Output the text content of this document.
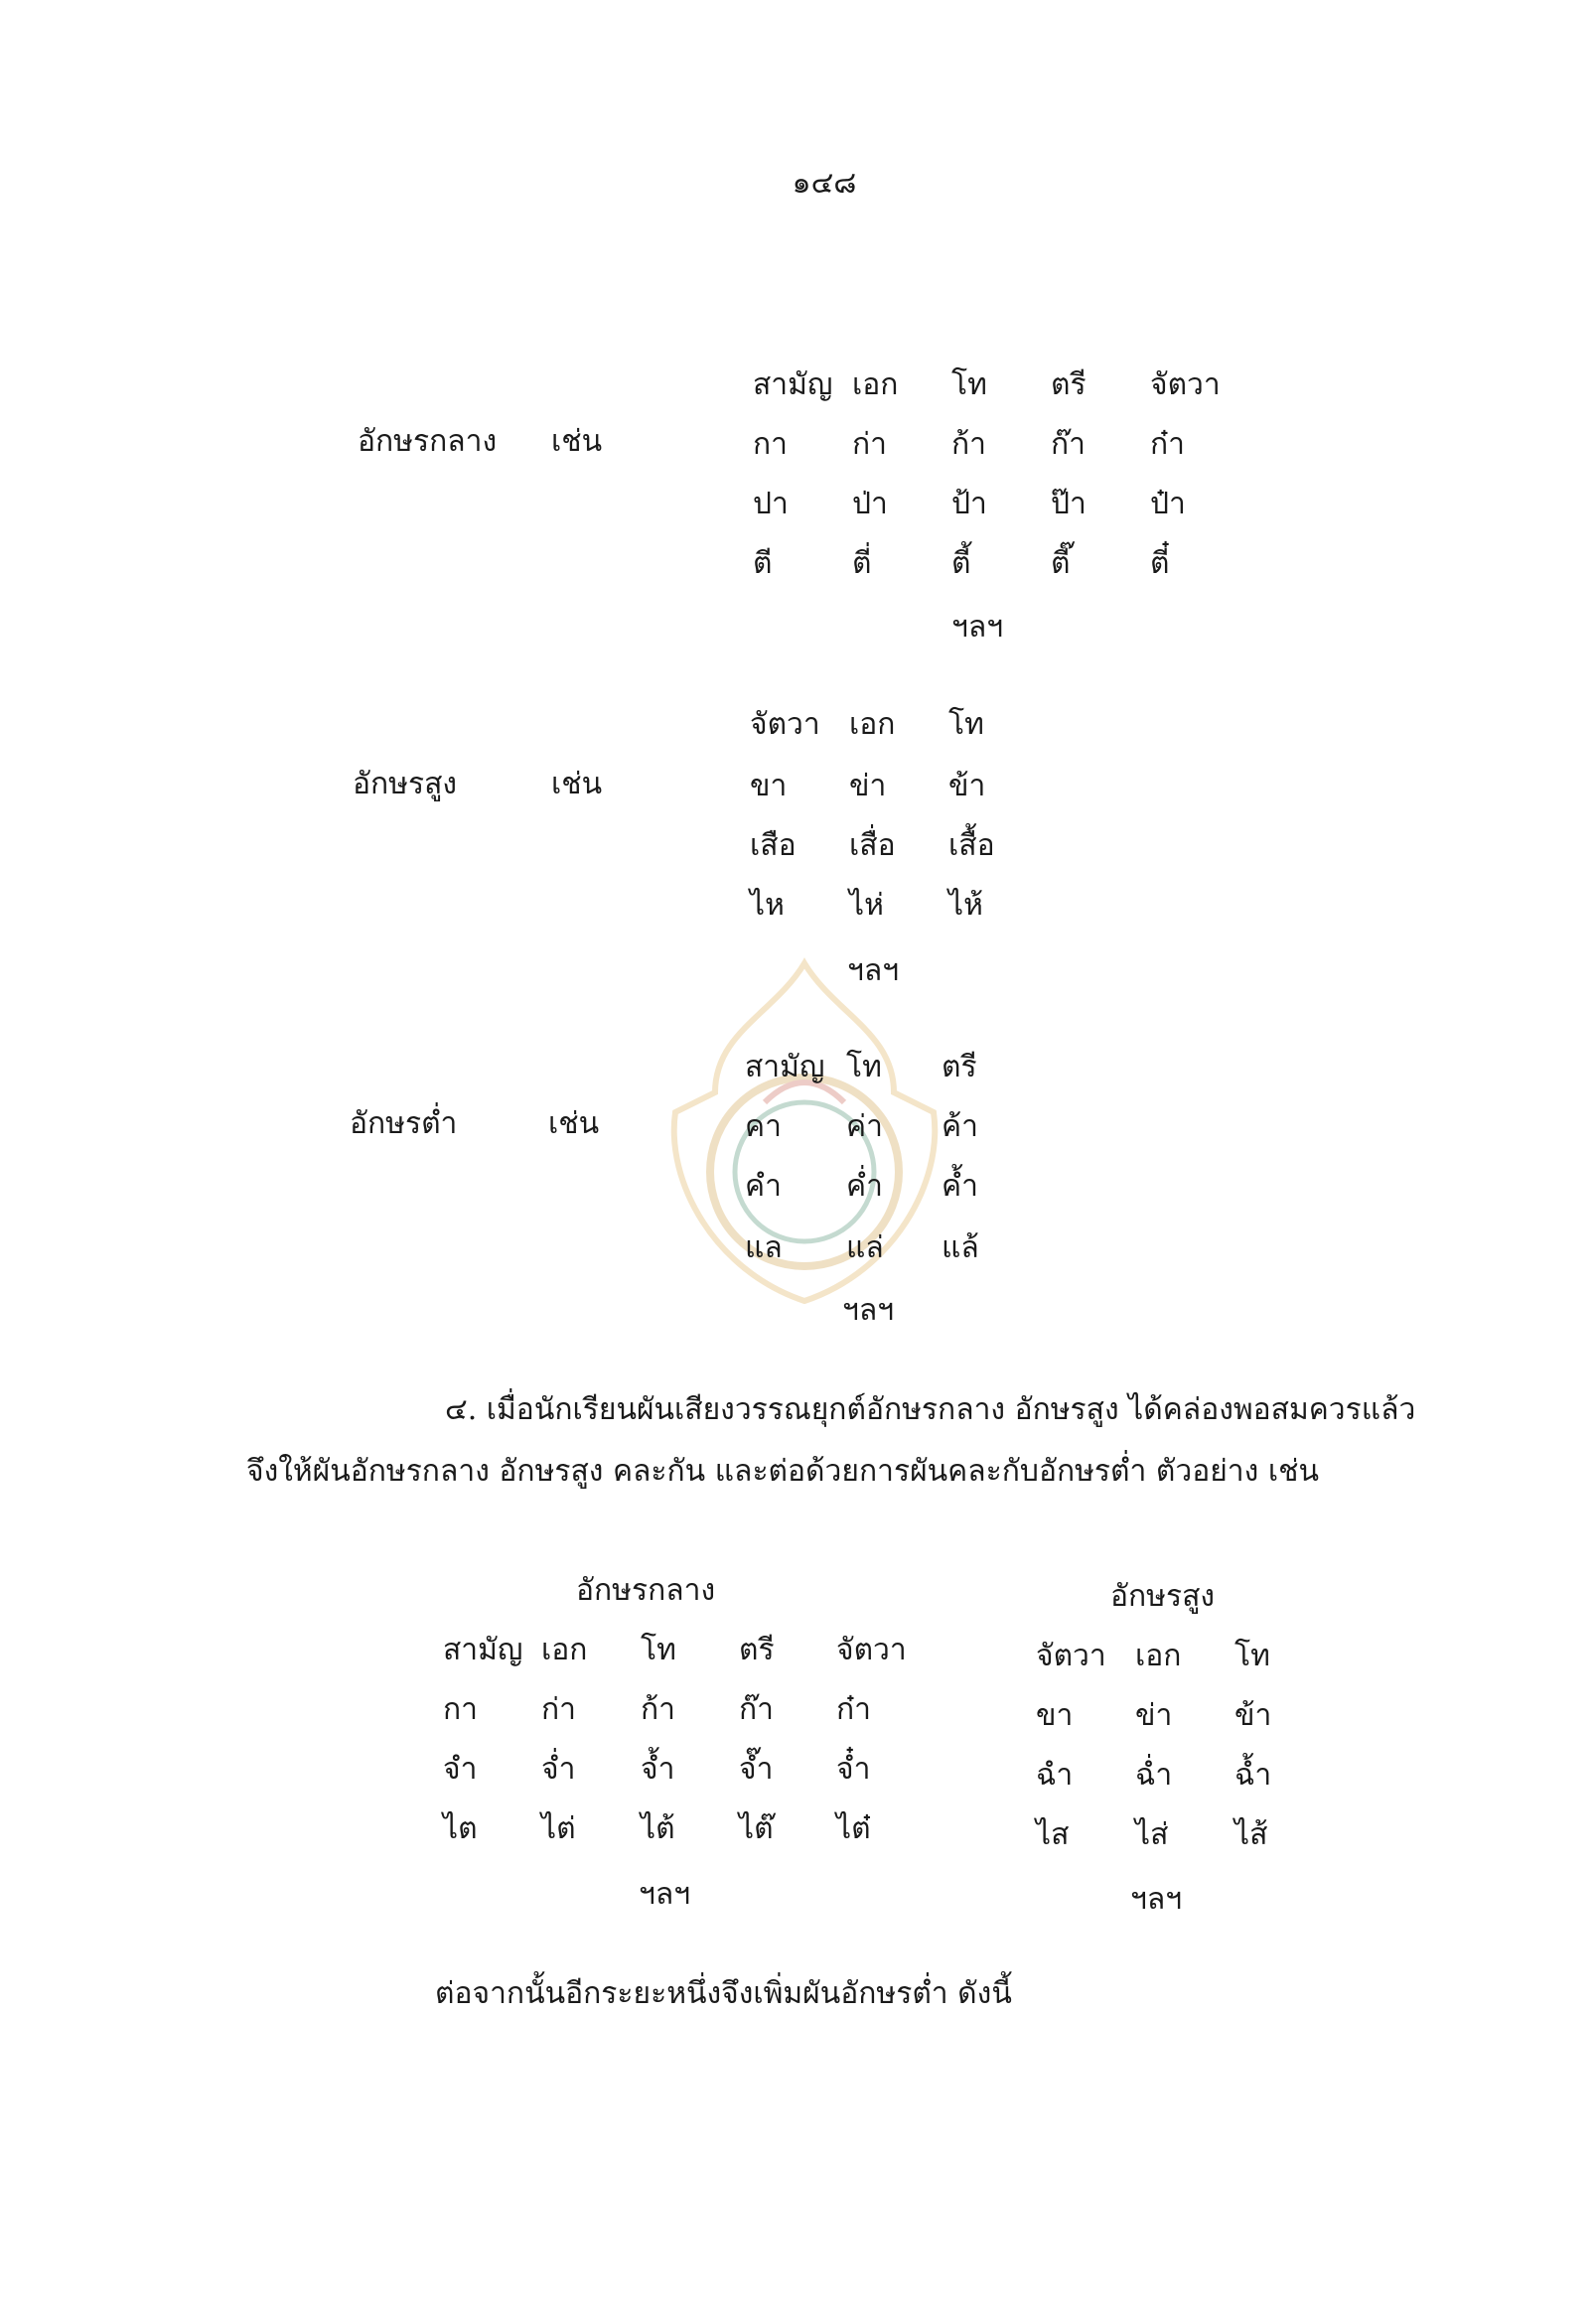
๑๔๘
อักษรกลาง เช่น
สามัญ เอก โท ตรี จัตวา
กา ก่า ก้า ก๊า ก๋า
ปา ป่า ป้า ป๊า ป๋า
ตี	ตี่	ตี้	ตี๊	ตี๋
ฯลฯ
อักษรสูง	เช่น
จัตวา เอก โท
ขา ข่า ข้า
เสือ เสื่อ เสื้อ
ไห ไห่ ไห้
ฯลฯ
อักษรต่ำ	เช่น
สามัญ โท ตรี
คา ค่า ค้า
คำ ค่ำ ค้ำ
แล แล่ แล้
ฯลฯ
๔. เมื่อนักเรียนผันเสียงวรรณยุกต์อักษรกลาง อักษรสูง ได้คล่องพอสมควรแล้ว
จึงให้ผันอักษรกลาง อักษรสูง คละกัน และต่อด้วยการผันคละกับอักษรต่ำ ตัวอย่าง เช่น
อักษรกลาง
สามัญ เอก โท ตรี จัตวา
กา ก่า ก้า ก๊า ก๋า
จำ จ่ำ จ้ำ จ๊ำ จ๋ำ
ไต ไต่ ไต้ ไต๊ ไต๋
ฯลฯ
อักษรสูง
จัตวา เอก โท
ขา ข่า ข้า
ฉำ ฉ่ำ ฉ้ำ
ไส ไส่ ไส้
ฯลฯ
ต่อจากนั้นอีกระยะหนึ่งจึงเพิ่มผันอักษรต่ำ ดังนี้
